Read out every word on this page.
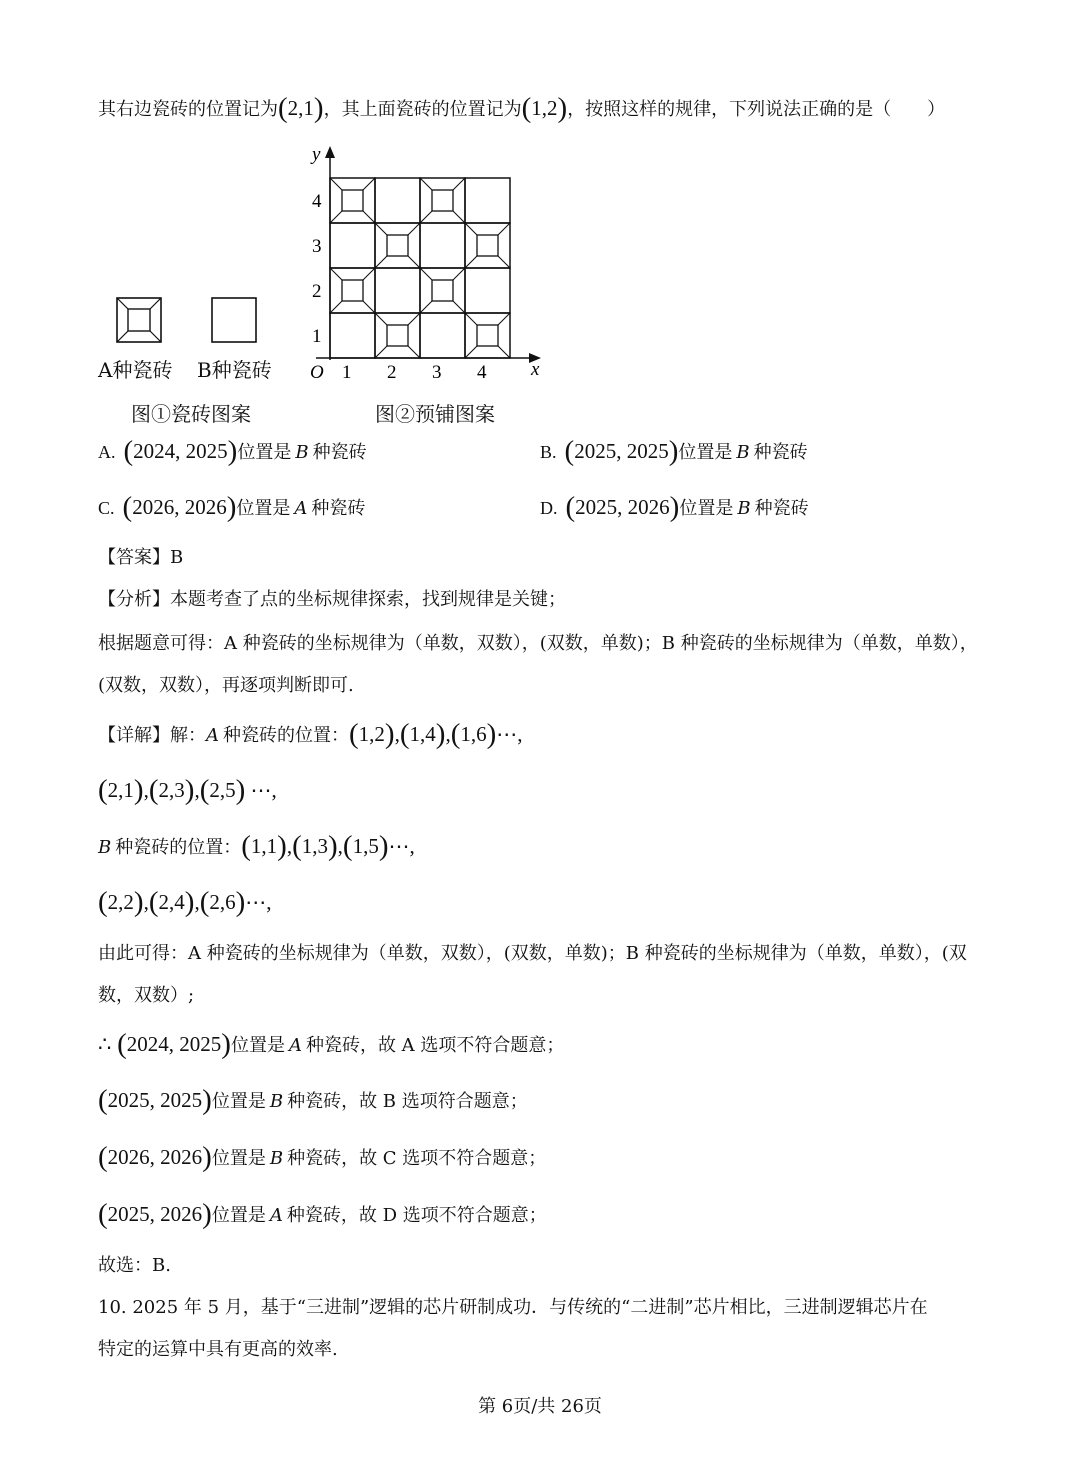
其右边瓷砖的位置记为(2,1)，其上面瓷砖的位置记为(1,2)，按照这样的规律，下列说法正确的是（　　）
A种瓷砖 B种瓷砖
图①瓷砖图案
y
x
O 1 2 3 4
1
2
3
4
图②预铺图案
A. (2024, 2025)位置是 B 种瓷砖	B. (2025, 2025)位置是 B 种瓷砖
C. (2026, 2026)位置是 A 种瓷砖	D. (2025, 2026)位置是 B 种瓷砖
【答案】B
【分析】本题考查了点的坐标规律探索，找到规律是关键；
根据题意可得：A 种瓷砖的坐标规律为（单数，双数），(双数，单数)；B 种瓷砖的坐标规律为（单数，单数），
(双数，双数），再逐项判断即可.
【详解】解：A 种瓷砖的位置：(1,2),(1,4),(1,6)⋯,
(2,1),(2,3),(2,5) ⋯,
B 种瓷砖的位置：(1,1),(1,3),(1,5)⋯,
(2,2),(2,4),(2,6)⋯,
由此可得：A 种瓷砖的坐标规律为（单数，双数），(双数，单数)；B 种瓷砖的坐标规律为（单数，单数），(双
数，双数）;
∴ (2024, 2025)位置是 A 种瓷砖，故 A 选项不符合题意；
(2025, 2025)位置是 B 种瓷砖，故 B 选项符合题意；
(2026, 2026)位置是 B 种瓷砖，故 C 选项不符合题意；
(2025, 2026)位置是 A 种瓷砖，故 D 选项不符合题意；
故选：B.
10. 2025 年 5 月，基于“三进制”逻辑的芯片研制成功．与传统的“二进制”芯片相比，三进制逻辑芯片在
特定的运算中具有更高的效率.
第 6页/共 26页
